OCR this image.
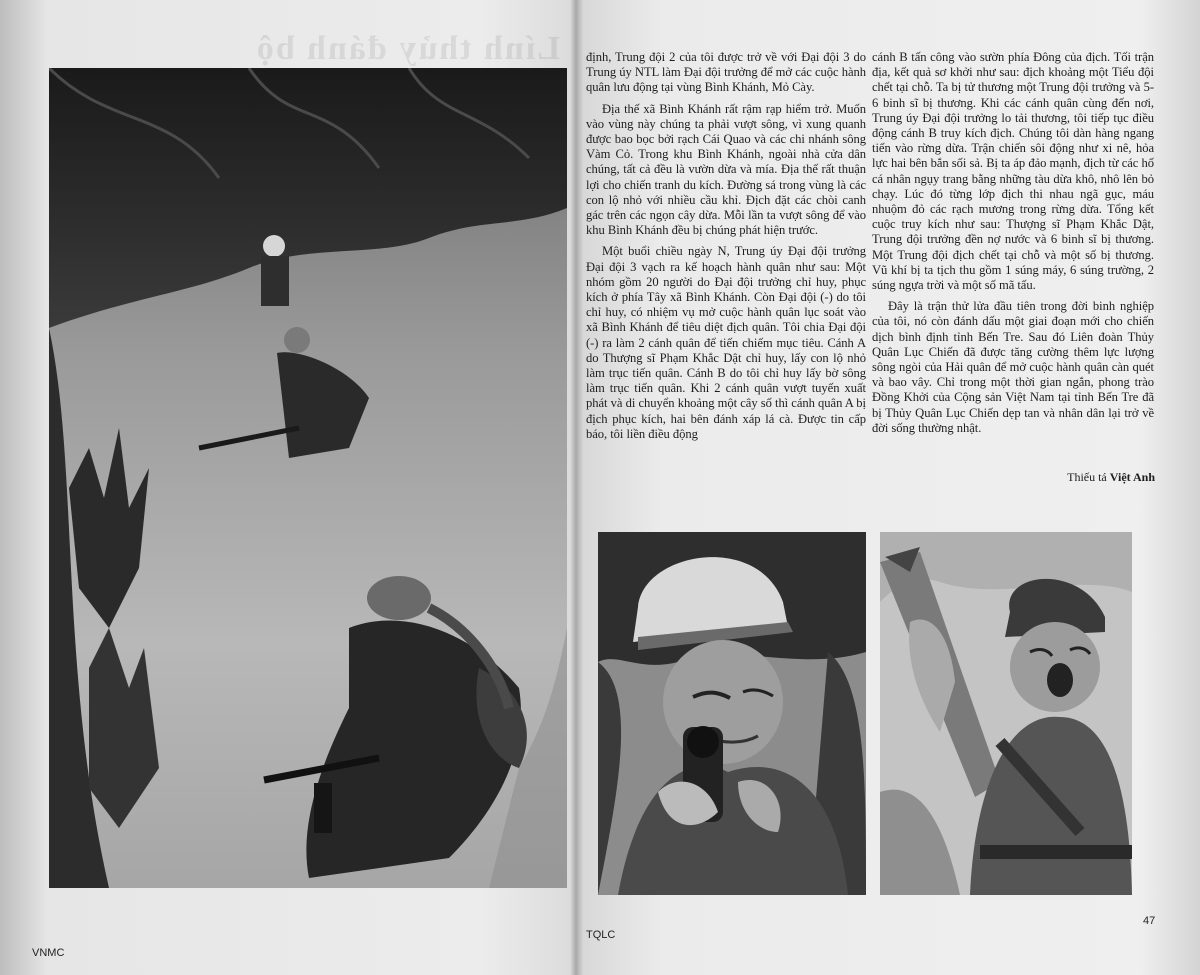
Lính thủy đánh bộ
VNMC

định, Trung đội 2 của tôi được trở về với Đại đội 3 do Trung úy NTL làm Đại đội trưởng để mở các cuộc hành quân lưu động tại vùng Bình Khánh, Mỏ Cày.

Địa thế xã Bình Khánh rất rậm rạp hiểm trở. Muốn vào vùng này chúng ta phải vượt sông, vì xung quanh được bao bọc bởi rạch Cái Quao và các chi nhánh sông Vàm Cỏ. Trong khu Bình Khánh, ngoài nhà cửa dân chúng, tất cả đều là vườn dừa và mía. Địa thế rất thuận lợi cho chiến tranh du kích. Đường sá trong vùng là các con lộ nhỏ với nhiều cầu khỉ. Địch đặt các chòi canh gác trên các ngọn cây dừa. Mỗi lần ta vượt sông để vào khu Bình Khánh đều bị chúng phát hiện trước.

Một buổi chiều ngày N, Trung úy Đại đội trưởng Đại đội 3 vạch ra kế hoạch hành quân như sau: Một nhóm gồm 20 người do Đại đội trưởng chỉ huy, phục kích ở phía Tây xã Bình Khánh. Còn Đại đội (-) do tôi chỉ huy, có nhiệm vụ mở cuộc hành quân lục soát vào xã Bình Khánh để tiêu diệt địch quân. Tôi chia Đại đội (-) ra làm 2 cánh quân để tiến chiếm mục tiêu. Cánh A do Thượng sĩ Phạm Khắc Dật chỉ huy, lấy con lộ nhỏ làm trục tiến quân. Cánh B do tôi chỉ huy lấy bờ sông làm trục tiến quân. Khi 2 cánh quân vượt tuyến xuất phát và di chuyển khoảng một cây số thì cánh quân A bị địch phục kích, hai bên đánh xáp lá cà. Được tin cấp báo, tôi liền điều động

cánh B tấn công vào sườn phía Đông của địch. Tối trận địa, kết quả sơ khởi như sau: địch khoảng một Tiểu đội chết tại chỗ. Ta bị tử thương một Trung đội trưởng và 5-6 binh sĩ bị thương. Khi các cánh quân cùng đến nơi, Trung úy Đại đội trưởng lo tải thương, tôi tiếp tục điều động cánh B truy kích địch. Chúng tôi dàn hàng ngang tiến vào rừng dừa. Trận chiến sôi động như xi nê, hỏa lực hai bên bắn sối sả. Bị ta áp đảo mạnh, địch từ các hố cá nhân ngụy trang bằng những tàu dừa khô, nhô lên bỏ chạy. Lúc đó từng lớp địch thi nhau ngã gục, máu nhuộm đỏ các rạch mương trong rừng dừa. Tổng kết cuộc truy kích như sau: Thượng sĩ Phạm Khắc Dật, Trung đội trưởng đền nợ nước và 6 binh sĩ bị thương. Một Trung đội địch chết tại chỗ và một số bị thương. Vũ khí bị ta tịch thu gồm 1 súng máy, 6 súng trường, 2 súng ngựa trời và một số mã tấu.

Đây là trận thử lửa đầu tiên trong đời binh nghiệp của tôi, nó còn đánh dấu một giai đoạn mới cho chiến dịch bình định tỉnh Bến Tre. Sau đó Liên đoàn Thủy Quân Lục Chiến đã được tăng cường thêm lực lượng sông ngòi của Hải quân để mở cuộc hành quân càn quét và bao vây. Chỉ trong một thời gian ngắn, phong trào Đồng Khởi của Cộng sản Việt Nam tại tỉnh Bến Tre đã bị Thủy Quân Lục Chiến dẹp tan và nhân dân lại trở về đời sống thường nhật.

Thiếu tá Việt Anh
TQLC
47
